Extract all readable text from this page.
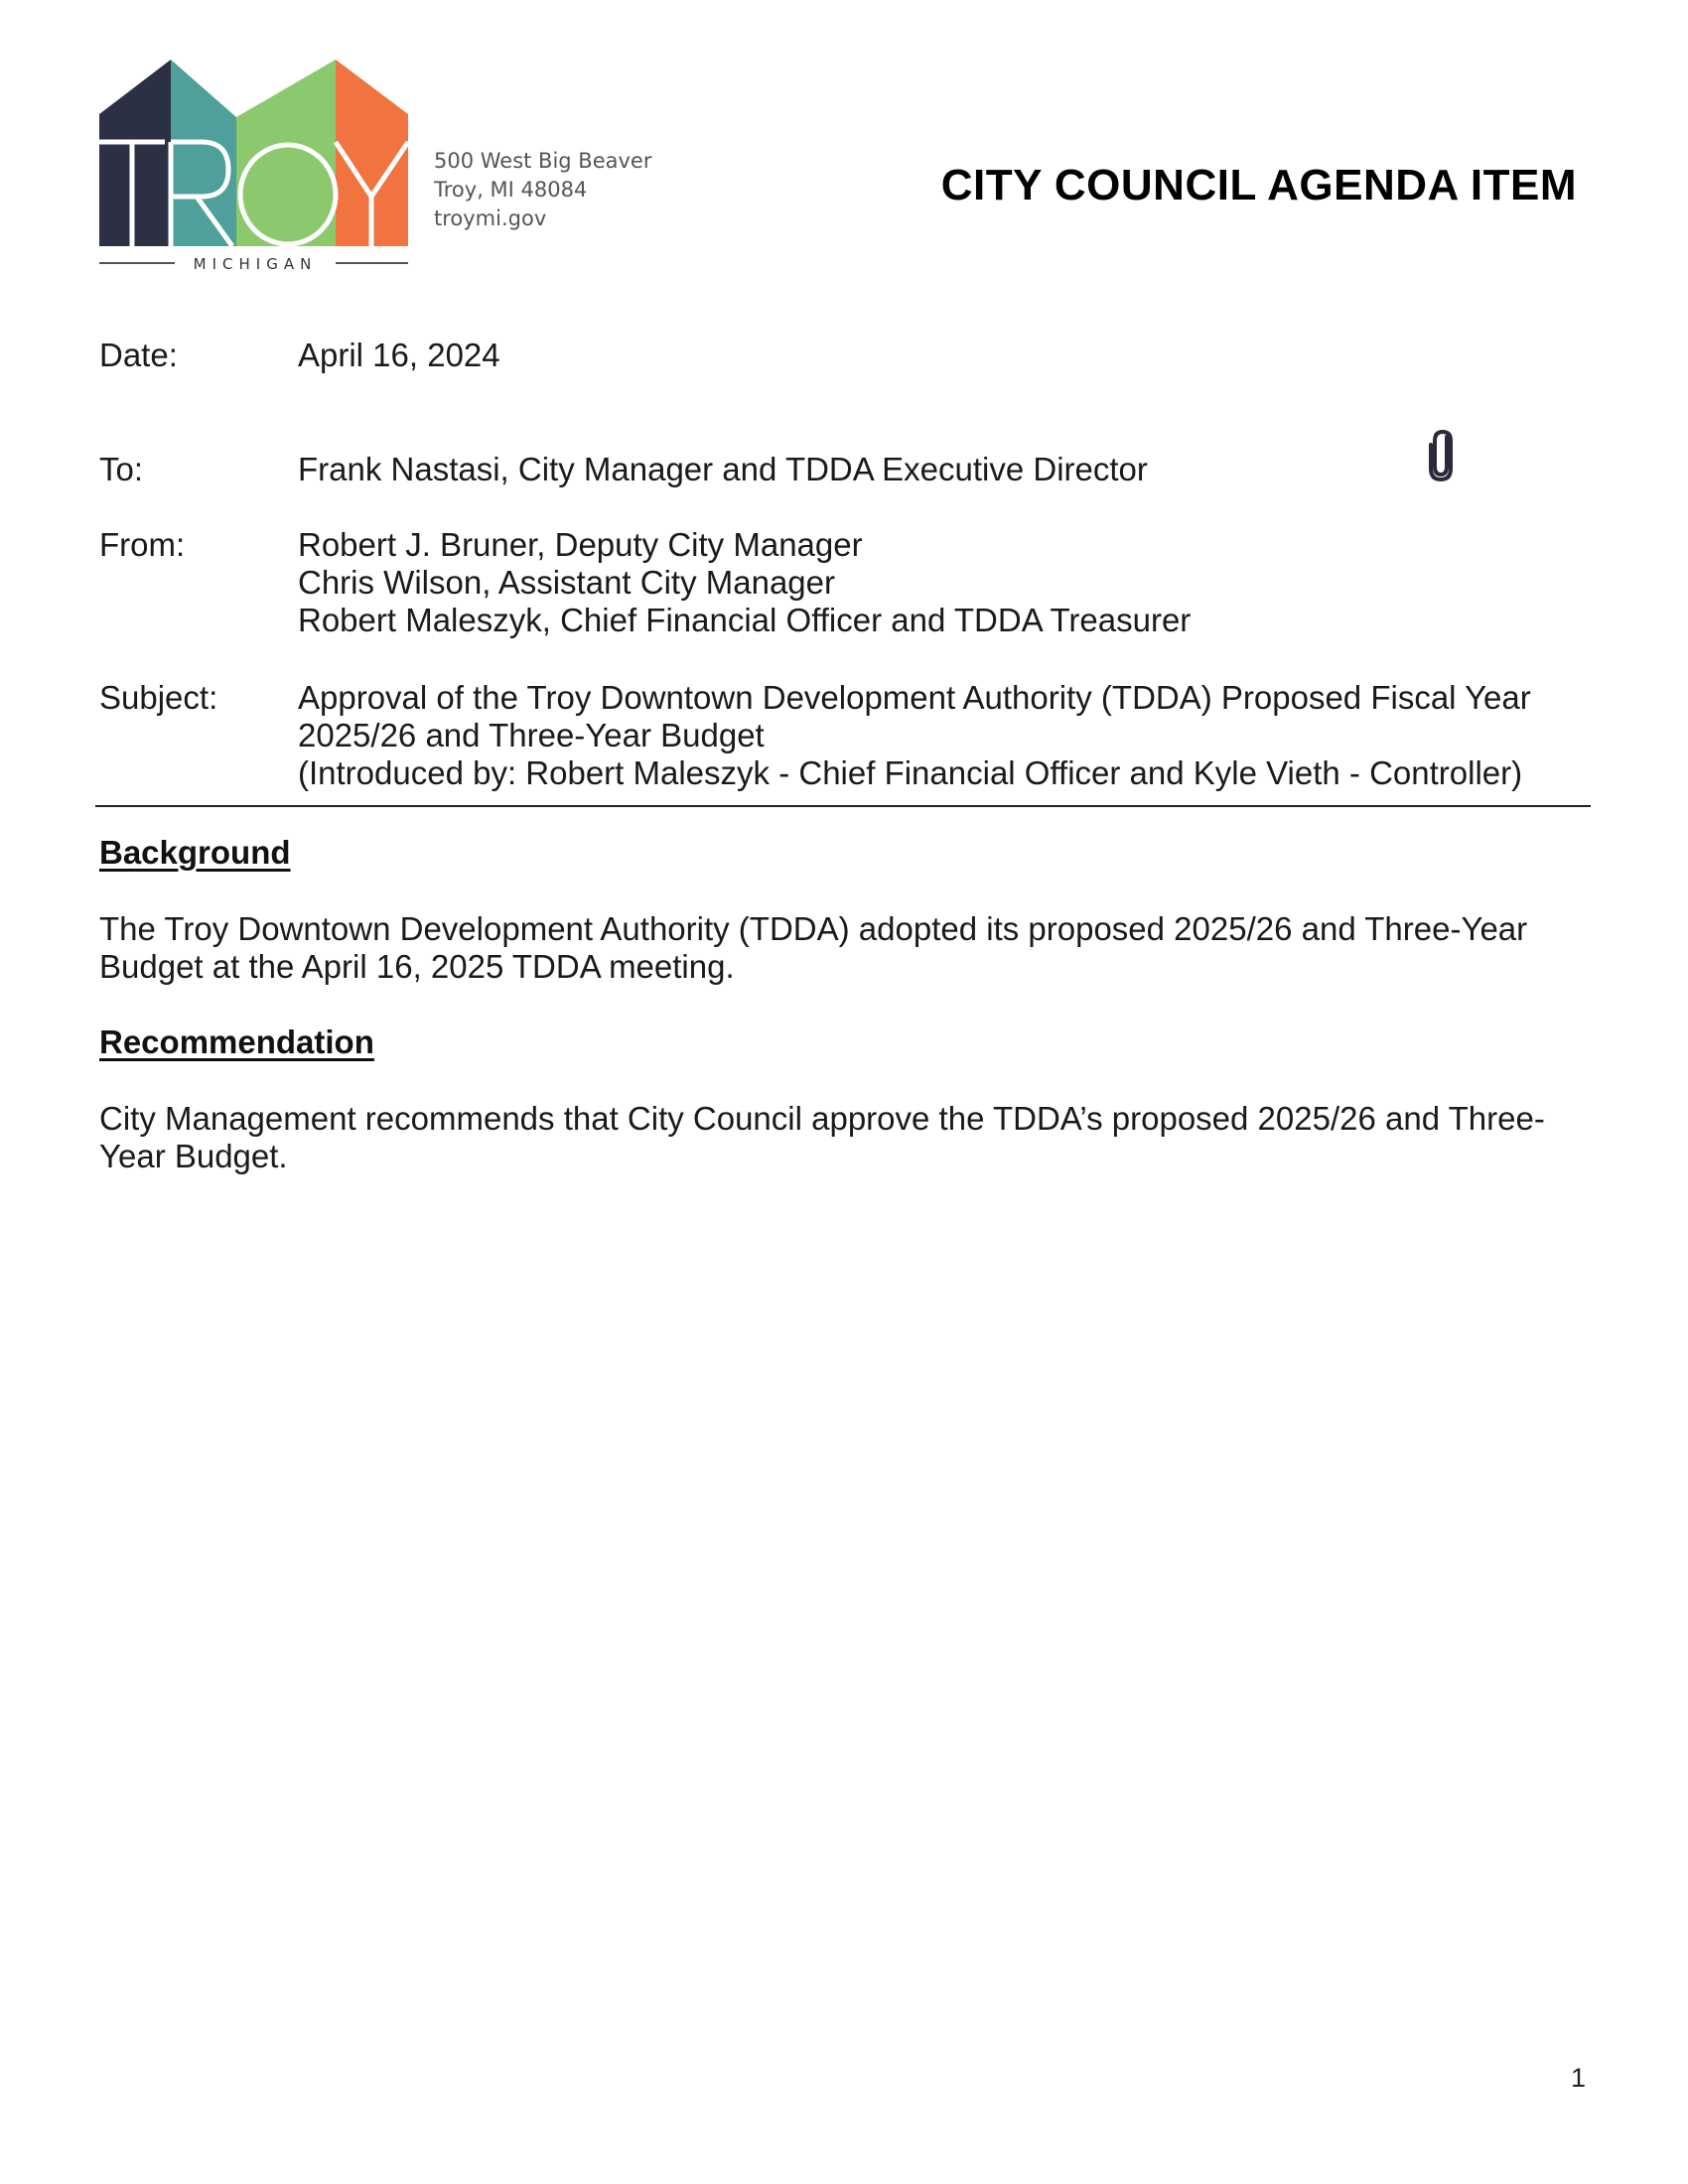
MICHIGAN
500 West Big Beaver
Troy, MI 48084
troymi.gov
CITY COUNCIL AGENDA ITEM
Date:	April 16, 2024
To:	Frank Nastasi, City Manager and TDDA Executive Director
From:	Robert J. Bruner, Deputy City Manager
Chris Wilson, Assistant City Manager
Robert Maleszyk, Chief Financial Officer and TDDA Treasurer
Subject: Approval of the Troy Downtown Development Authority (TDDA) Proposed Fiscal Year
2025/26 and Three-Year Budget
(Introduced by: Robert Maleszyk - Chief Financial Officer and Kyle Vieth - Controller)
Background
The Troy Downtown Development Authority (TDDA) adopted its proposed 2025/26 and Three-Year
Budget at the April 16, 2025 TDDA meeting.
Recommendation
City Management recommends that City Council approve the TDDA’s proposed 2025/26 and Three-
Year Budget.
1
